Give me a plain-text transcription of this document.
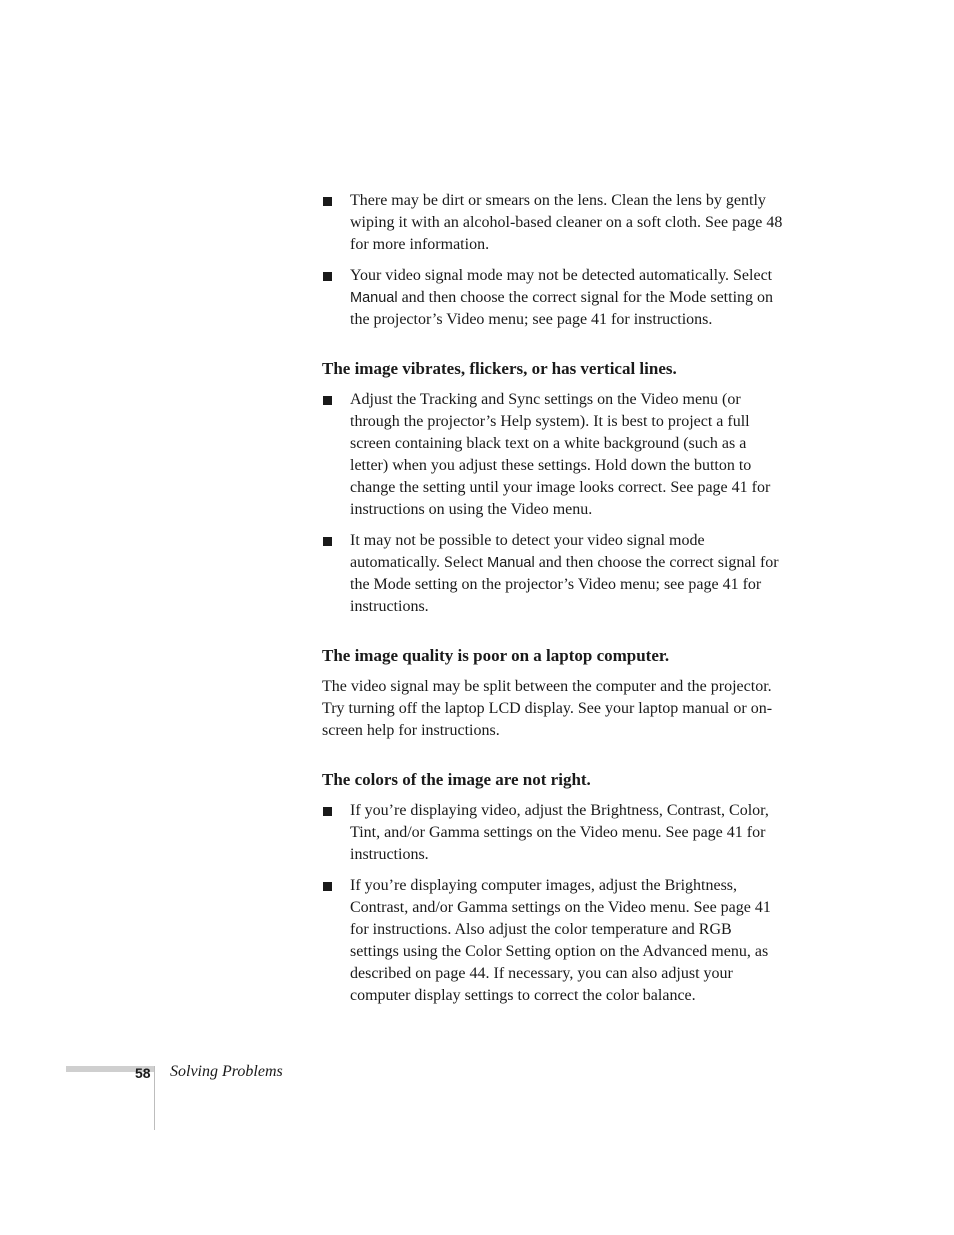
There may be dirt or smears on the lens. Clean the lens by gently wiping it with an alcohol-based cleaner on a soft cloth. See page 48 for more information.
Your video signal mode may not be detected automatically. Select Manual and then choose the correct signal for the Mode setting on the projector’s Video menu; see page 41 for instructions.
The image vibrates, flickers, or has vertical lines.
Adjust the Tracking and Sync settings on the Video menu (or through the projector’s Help system). It is best to project a full screen containing black text on a white background (such as a letter) when you adjust these settings. Hold down the button to change the setting until your image looks correct. See page 41 for instructions on using the Video menu.
It may not be possible to detect your video signal mode automatically. Select Manual and then choose the correct signal for the Mode setting on the projector’s Video menu; see page 41 for instructions.
The image quality is poor on a laptop computer.

The video signal may be split between the computer and the projector. Try turning off the laptop LCD display. See your laptop manual or on-screen help for instructions.

The colors of the image are not right.
If you’re displaying video, adjust the Brightness, Contrast, Color, Tint, and/or Gamma settings on the Video menu. See page 41 for instructions.
If you’re displaying computer images, adjust the Brightness, Contrast, and/or Gamma settings on the Video menu. See page 41 for instructions. Also adjust the color temperature and RGB settings using the Color Setting option on the Advanced menu, as described on page 44. If necessary, you can also adjust your computer display settings to correct the color balance.
58 Solving Problems
